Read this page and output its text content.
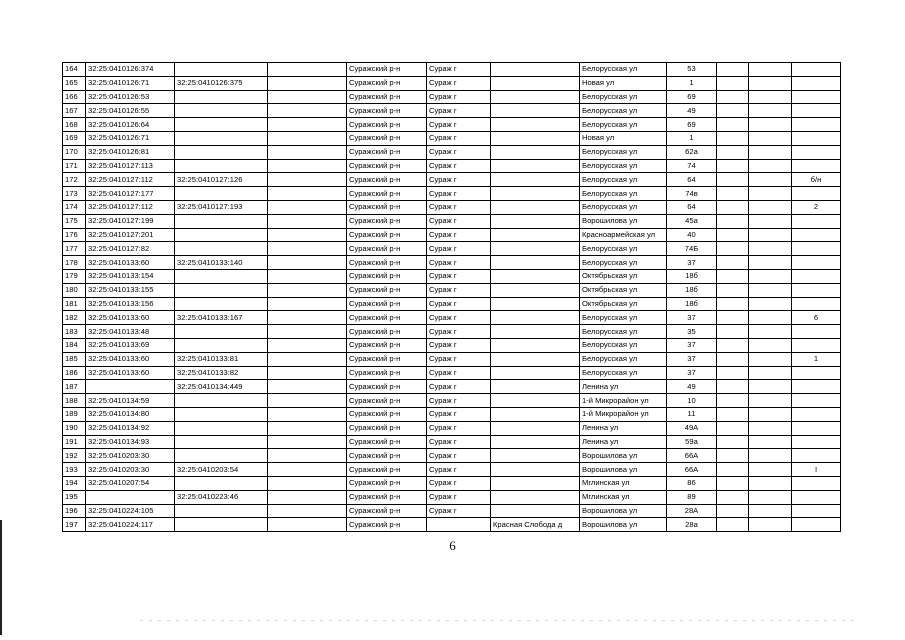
164	32:25:0410126:374			Суражский р-н	Сураж г		Белорусская ул	53			
165	32:25:0410126:71	32:25:0410126:375		Суражский р-н	Сураж г		Новая ул	1			
166	32:25:0410126:53			Суражский р-н	Сураж г		Белорусская ул	69			
167	32:25:0410126:55			Суражский р-н	Сураж г		Белорусская ул	49			
168	32:25:0410126:64			Суражский р-н	Сураж г		Белорусская ул	69			
169	32:25:0410126:71			Суражский р-н	Сураж г		Новая ул	1			
170	32:25:0410126:81			Суражский р-н	Сураж г		Белорусская ул	62а			
171	32:25:0410127:113			Суражский р-н	Сураж г		Белорусская ул	74			
172	32:25:0410127:112	32:25:0410127:126		Суражский р-н	Сураж г		Белорусская ул	64			б/н
173	32:25:0410127:177			Суражский р-н	Сураж г		Белорусская ул	74в			
174	32:25:0410127:112	32:25:0410127:193		Суражский р-н	Сураж г		Белорусская ул	64			2
175	32:25:0410127:199			Суражский р-н	Сураж г		Ворошилова ул	45а			
176	32:25:0410127:201			Суражский р-н	Сураж г		Красноармейская ул	40			
177	32:25:0410127:82			Суражский р-н	Сураж г		Белорусская ул	74Б			
178	32:25:0410133:60	32:25:0410133:140		Суражский р-н	Сураж г		Белорусская ул	37			
179	32:25:0410133:154			Суражский р-н	Сураж г		Октябрьская ул	18б			
180	32:25:0410133:155			Суражский р-н	Сураж г		Октябрьская ул	18б			
181	32:25:0410133:156			Суражский р-н	Сураж г		Октябрьская ул	18б			
182	32:25:0410133:60	32:25:0410133:167		Суражский р-н	Сураж г		Белорусская ул	37			6
183	32:25:0410133:48			Суражский р-н	Сураж г		Белорусская ул	35			
184	32:25:0410133:69			Суражский р-н	Сураж г		Белорусская ул	37			
185	32:25:0410133:60	32:25:0410133:81		Суражский р-н	Сураж г		Белорусская ул	37			1
186	32:25:0410133:60	32:25:0410133:82		Суражский р-н	Сураж г		Белорусская ул	37			
187		32:25:0410134:449		Суражский р-н	Сураж г		Ленина ул	49			
188	32:25:0410134:59			Суражский р-н	Сураж г		1-й Микрорайон ул	10			
189	32:25:0410134:80			Суражский р-н	Сураж г		1-й Микрорайон ул	11			
190	32:25:0410134:92			Суражский р-н	Сураж г		Ленина ул	49А			
191	32:25:0410134:93			Суражский р-н	Сураж г		Ленина ул	59а			
192	32:25:0410203:30			Суражский р-н	Сураж г		Ворошилова ул	66А			
193	32:25:0410203:30	32:25:0410203:54		Суражский р-н	Сураж г		Ворошилова ул	66А			I
194	32:25:0410207:54			Суражский р-н	Сураж г		Мглинская ул	86			
195		32:25:0410223:46		Суражский р-н	Сураж г		Мглинская ул	89			
196	32:25:0410224:105			Суражский р-н	Сураж г		Ворошилова ул	28А			
197	32:25:0410224:117			Суражский р-н		Красная Слобода д	Ворошилова ул	28а			
6
